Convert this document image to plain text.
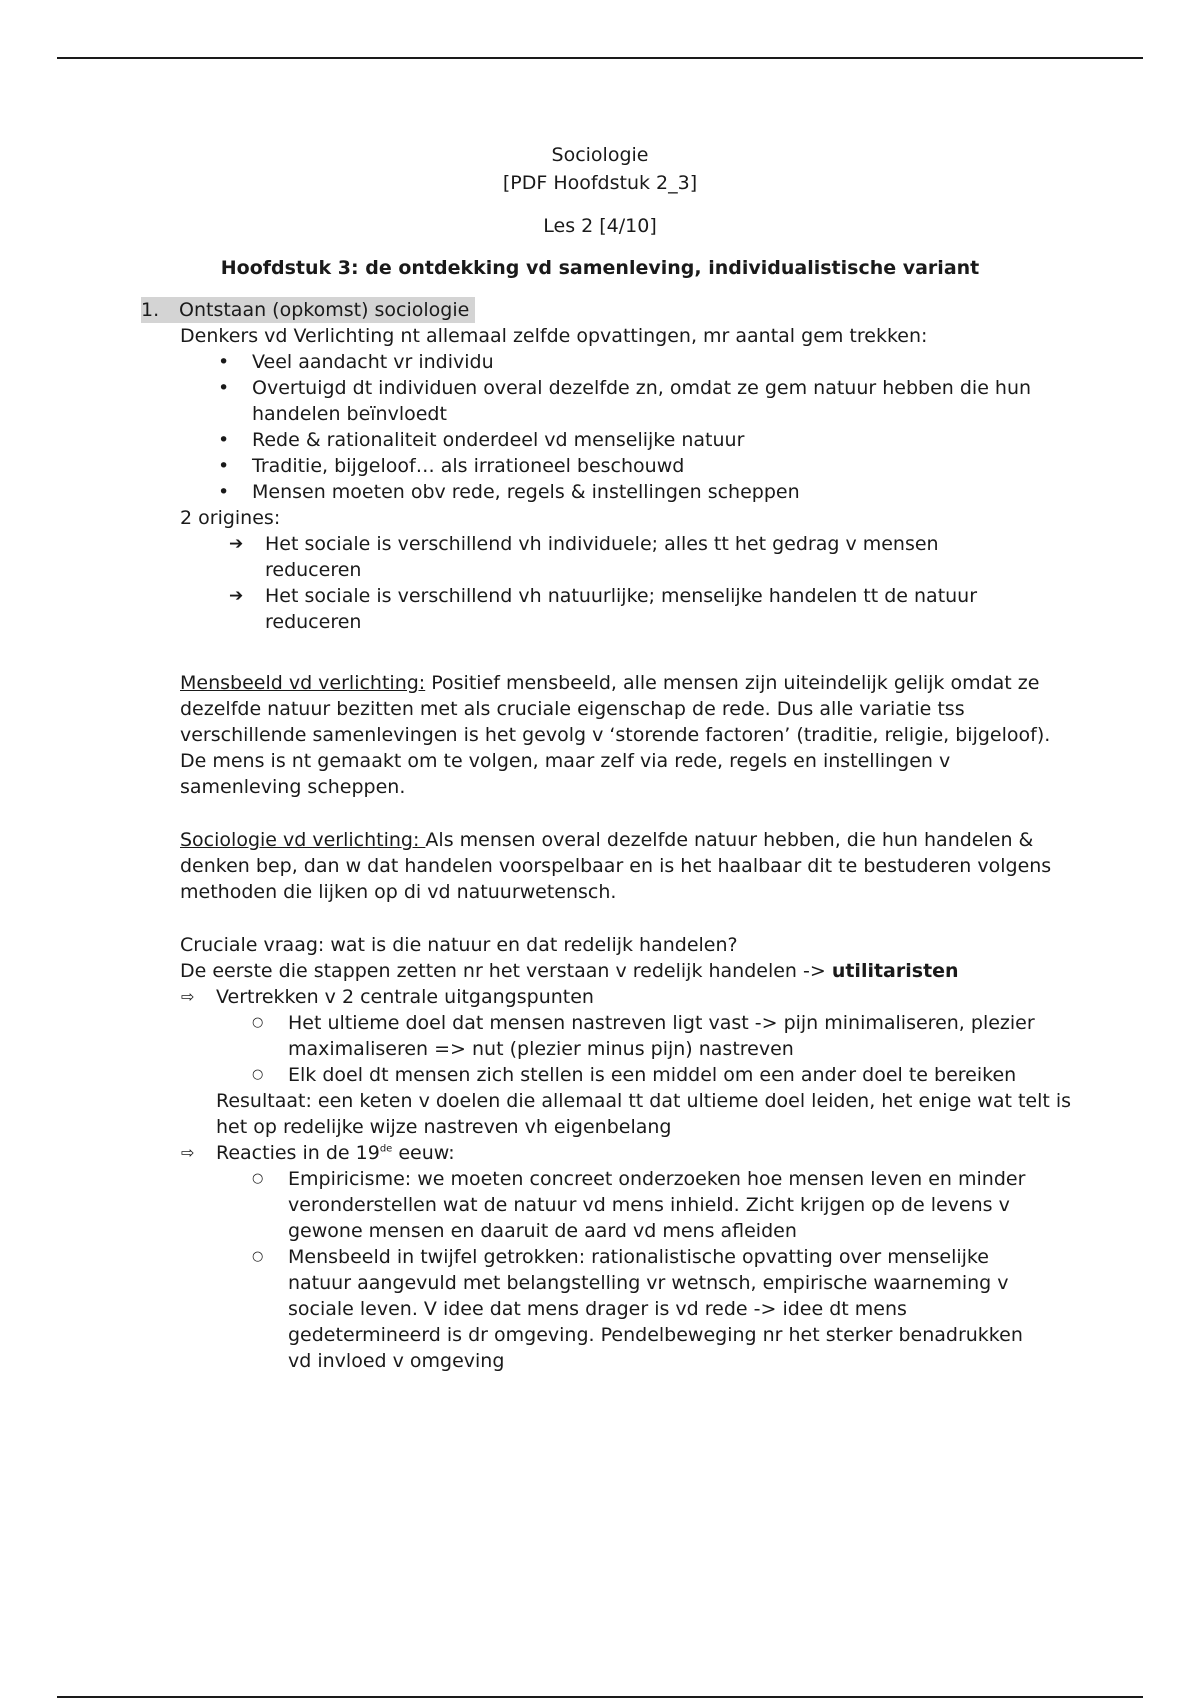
Sociologie
[PDF Hoofdstuk 2_3]
Les 2 [4/10]
Hoofdstuk 3: de ontdekking vd samenleving, individualistische variant
1. Ontstaan (opkomst) sociologie
Denkers vd Verlichting nt allemaal zelfde opvattingen, mr aantal gem trekken:
• Veel aandacht vr individu
• Overtuigd dt individuen overal dezelfde zn, omdat ze gem natuur hebben die hun handelen beïnvloedt
• Rede & rationaliteit onderdeel vd menselijke natuur
• Traditie, bijgeloof… als irrationeel beschouwd
• Mensen moeten obv rede, regels & instellingen scheppen
2 origines:
➔ Het sociale is verschillend vh individuele; alles tt het gedrag v mensen reduceren
➔ Het sociale is verschillend vh natuurlijke; menselijke handelen tt de natuur reduceren
Mensbeeld vd verlichting: Positief mensbeeld, alle mensen zijn uiteindelijk gelijk omdat ze dezelfde natuur bezitten met als cruciale eigenschap de rede. Dus alle variatie tss verschillende samenlevingen is het gevolg v ‘storende factoren’ (traditie, religie, bijgeloof). De mens is nt gemaakt om te volgen, maar zelf via rede, regels en instellingen v samenleving scheppen.
Sociologie vd verlichting: Als mensen overal dezelfde natuur hebben, die hun handelen & denken bep, dan w dat handelen voorspelbaar en is het haalbaar dit te bestuderen volgens methoden die lijken op di vd natuurwetensch.
Cruciale vraag: wat is die natuur en dat redelijk handelen?
De eerste die stappen zetten nr het verstaan v redelijk handelen -> utilitaristen
⇨ Vertrekken v 2 centrale uitgangspunten
○ Het ultieme doel dat mensen nastreven ligt vast -> pijn minimaliseren, plezier maximaliseren => nut (plezier minus pijn) nastreven
○ Elk doel dt mensen zich stellen is een middel om een ander doel te bereiken
Resultaat: een keten v doelen die allemaal tt dat ultieme doel leiden, het enige wat telt is het op redelijke wijze nastreven vh eigenbelang
⇨ Reacties in de 19de eeuw:
○ Empiricisme: we moeten concreet onderzoeken hoe mensen leven en minder veronderstellen wat de natuur vd mens inhield. Zicht krijgen op de levens v gewone mensen en daaruit de aard vd mens afleiden
○ Mensbeeld in twijfel getrokken: rationalistische opvatting over menselijke natuur aangevuld met belangstelling vr wetnsch, empirische waarneming v sociale leven. V idee dat mens drager is vd rede -> idee dt mens gedetermineerd is dr omgeving. Pendelbeweging nr het sterker benadrukken vd invloed v omgeving
